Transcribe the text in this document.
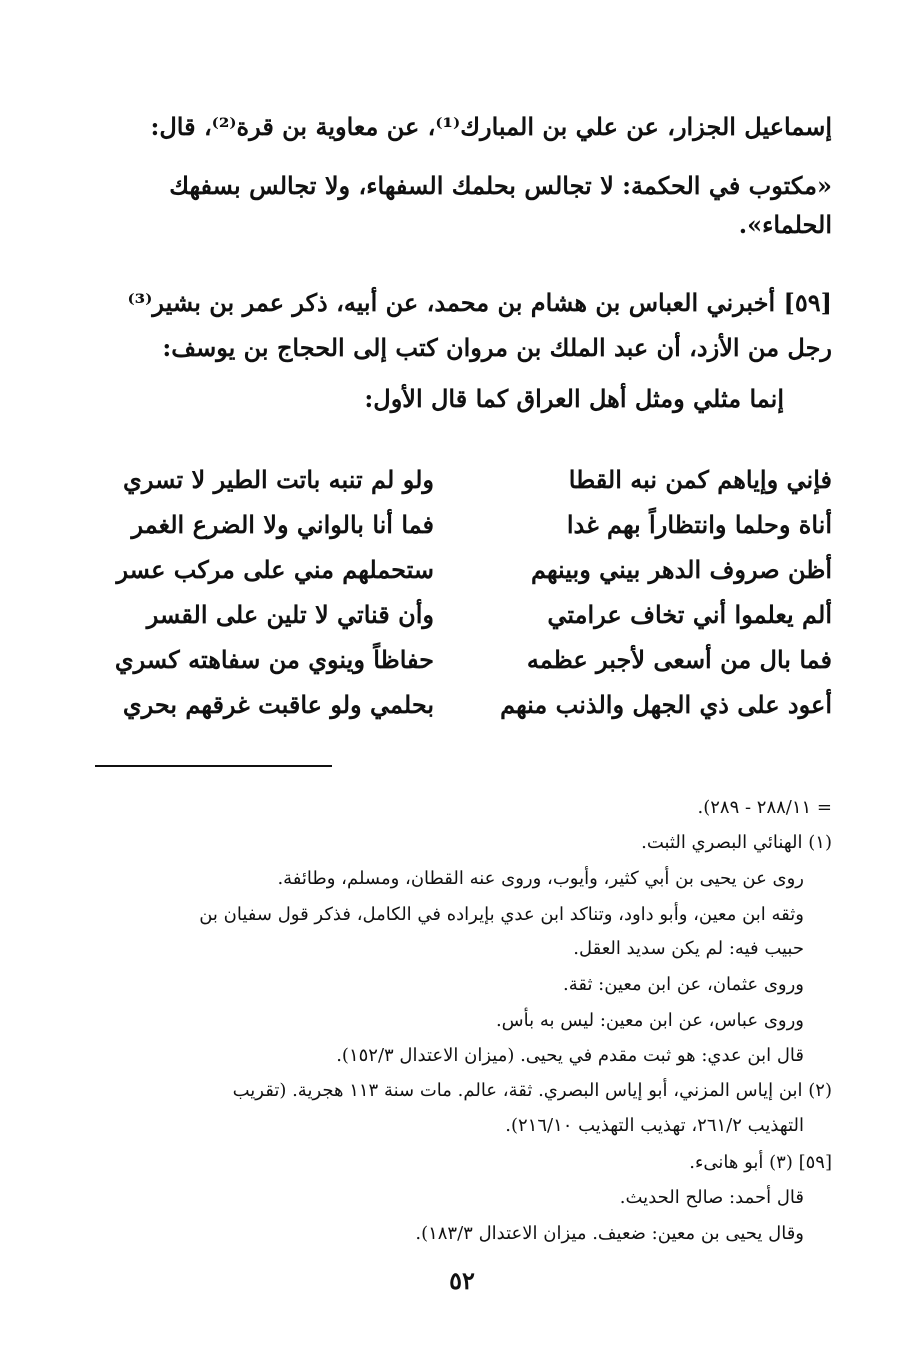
إسماعيل الجزار، عن علي بن المبارك⁽¹⁾، عن معاوية بن قرة⁽²⁾، قال:
«مكتوب في الحكمة: لا تجالس بحلمك السفهاء، ولا تجالس بسفهك
الحلماء».
[٥٩] أخبرني العباس بن هشام بن محمد، عن أبيه، ذكر عمر بن بشير⁽³⁾
رجل من الأزد، أن عبد الملك بن مروان كتب إلى الحجاج بن يوسف:
إنما مثلي ومثل أهل العراق كما قال الأول:
فإني وإياهم كمن نبه القطا
ولو لم تنبه باتت الطير لا تسري
أناة وحلما وانتظاراً بهم غدا
فما أنا بالواني ولا الضرع الغمر
أظن صروف الدهر بيني وبينهم
ستحملهم مني على مركب عسر
ألم يعلموا أني تخاف عرامتي
وأن قناتي لا تلين على القسر
فما بال من أسعى لأجبر عظمه
حفاظاً وينوي من سفاهته كسري
أعود على ذي الجهل والذنب منهم
بحلمي ولو عاقبت غرقهم بحري
= ٢٨٨/١١ - ٢٨٩).
(١) الهنائي البصري الثبت.
روى عن يحيى بن أبي كثير، وأيوب، وروى عنه القطان، ومسلم، وطائفة.
وثقه ابن معين، وأبو داود، وتناكد ابن عدي بإيراده في الكامل، فذكر قول سفيان بن
حبيب فيه: لم يكن سديد العقل.
وروى عثمان، عن ابن معين: ثقة.
وروى عباس، عن ابن معين: ليس به بأس.
قال ابن عدي: هو ثبت مقدم في يحيى. (ميزان الاعتدال ١٥٢/٣).
(٢) ابن إياس المزني، أبو إياس البصري. ثقة، عالم. مات سنة ١١٣ هجرية. (تقريب
التهذيب ٢٦١/٢، تهذيب التهذيب ٢١٦/١٠).
[٥٩] (٣) أبو هانىء.
قال أحمد: صالح الحديث.
وقال يحيى بن معين: ضعيف. ميزان الاعتدال ١٨٣/٣).
٥٢
